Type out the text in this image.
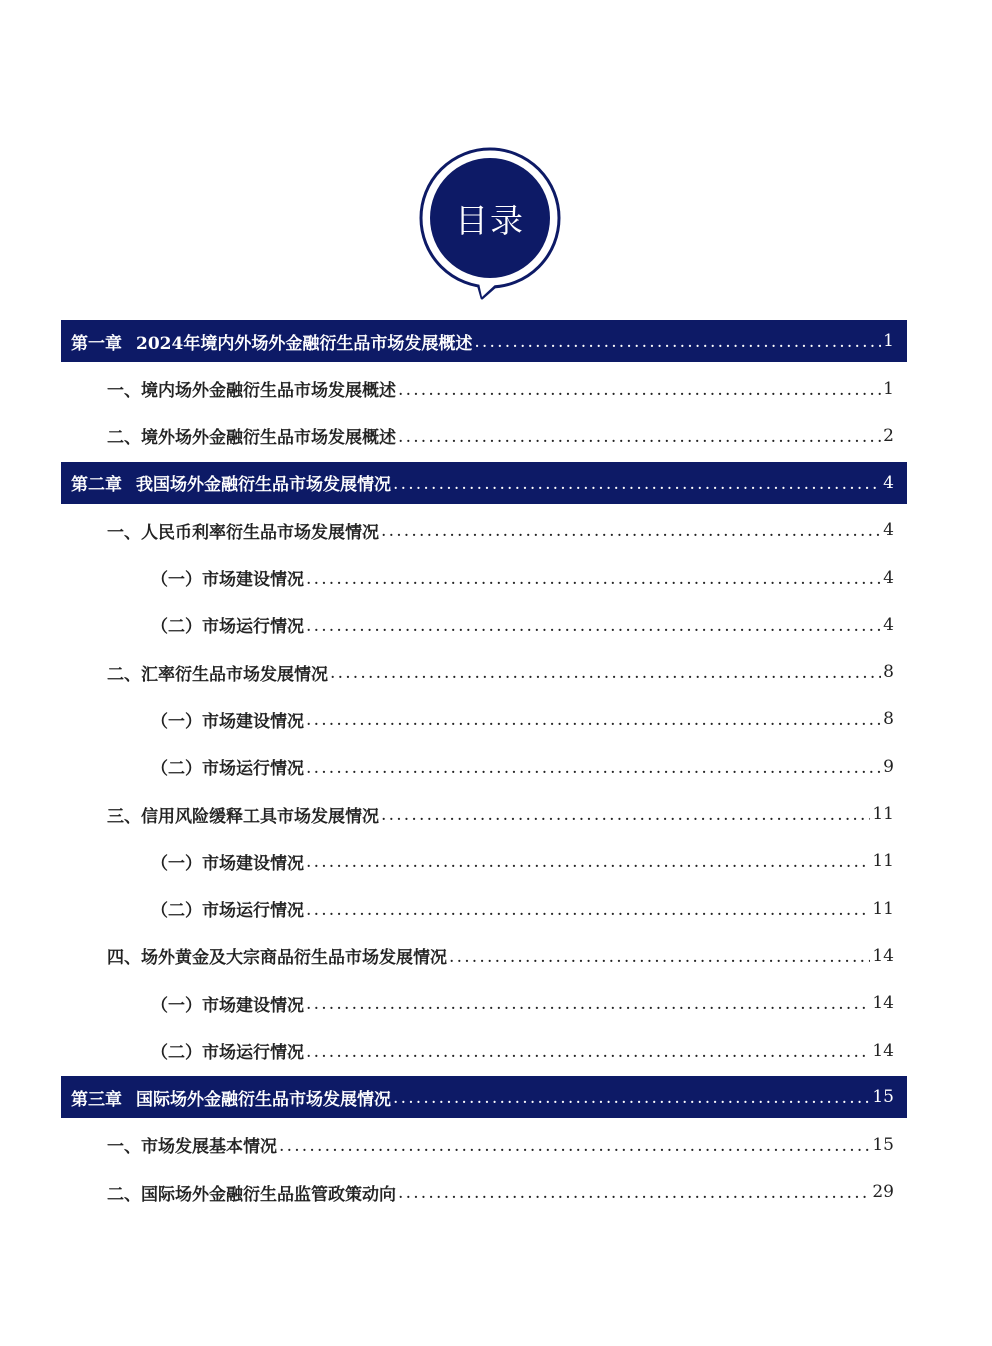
目录
第一章 2024年境内外场外金融衍生品市场发展概述 .....	1
一、境内场外金融衍生品市场发展概述 .....	1
二、境外场外金融衍生品市场发展概述 .....	2
第二章 我国场外金融衍生品市场发展情况 .....	4
一、人民币利率衍生品市场发展情况 .....	4
（一）市场建设情况 .....	4
（二）市场运行情况 .....	4
二、汇率衍生品市场发展情况 .....	8
（一）市场建设情况 .....	8
（二）市场运行情况 .....	9
三、信用风险缓释工具市场发展情况 .....	11
（一）市场建设情况 .....	11
（二）市场运行情况 .....	11
四、场外黄金及大宗商品衍生品市场发展情况 .....	14
（一）市场建设情况 .....	14
（二）市场运行情况 .....	14
第三章 国际场外金融衍生品市场发展情况 .....	15
一、市场发展基本情况 .....	15
二、国际场外金融衍生品监管政策动向 .....	29
